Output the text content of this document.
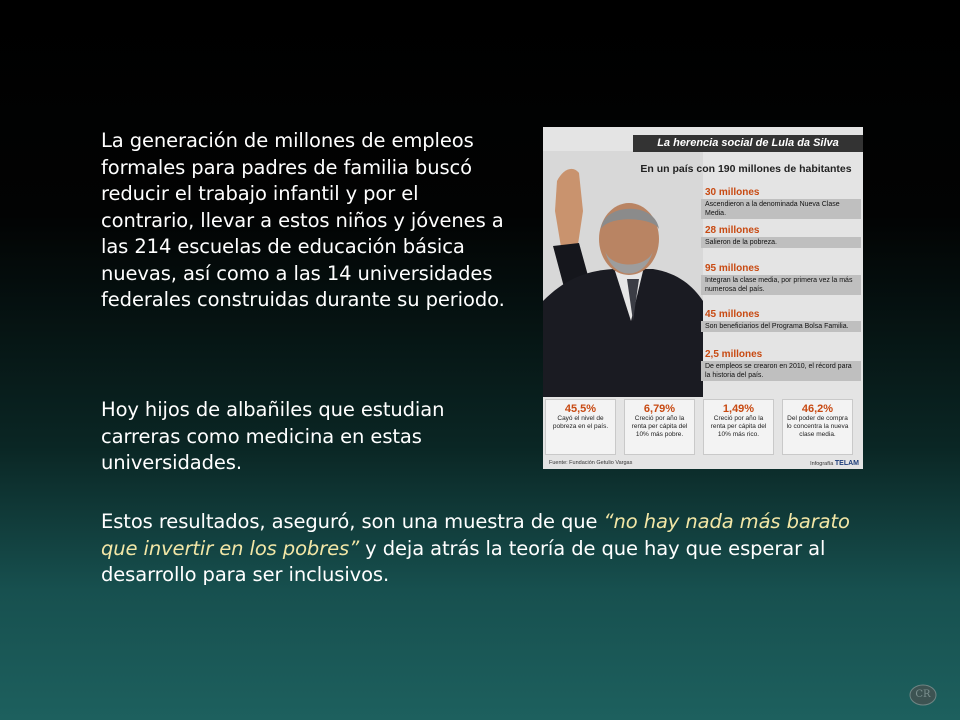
La generación de millones de empleos formales para padres de familia buscó reducir el trabajo infantil y por el contrario, llevar a estos niños y jóvenes a las 214 escuelas de educación básica nuevas, así como a las 14 universidades federales construidas durante su periodo.

Hoy hijos de albañiles que estudian carreras como medicina en estas universidades.

Estos resultados, aseguró, son una muestra de que “no hay nada más barato que invertir en los pobres” y deja atrás la teoría de que hay que esperar al desarrollo para ser inclusivos.

La herencia social de Lula da Silva
En un país con 190 millones de habitantes
30 millones
Ascendieron a la denominada Nueva Clase Media.
28 millones
Salieron de la pobreza.
95 millones
Integran la clase media, por primera vez la más numerosa del país.
45 millones
Son beneficiarios del Programa Bolsa Familia.
2,5 millones
De empleos se crearon en 2010, el récord para la historia del país.
45,5%
Cayó el nivel de pobreza en el país.
6,79%
Creció por año la renta per cápita del 10% más pobre.
1,49%
Creció por año la renta per cápita del 10% más rico.
46,2%
Del poder de compra lo concentra la nueva clase media.
Fuente: Fundación Getulio Vargas	Infografía TELAM
CR
